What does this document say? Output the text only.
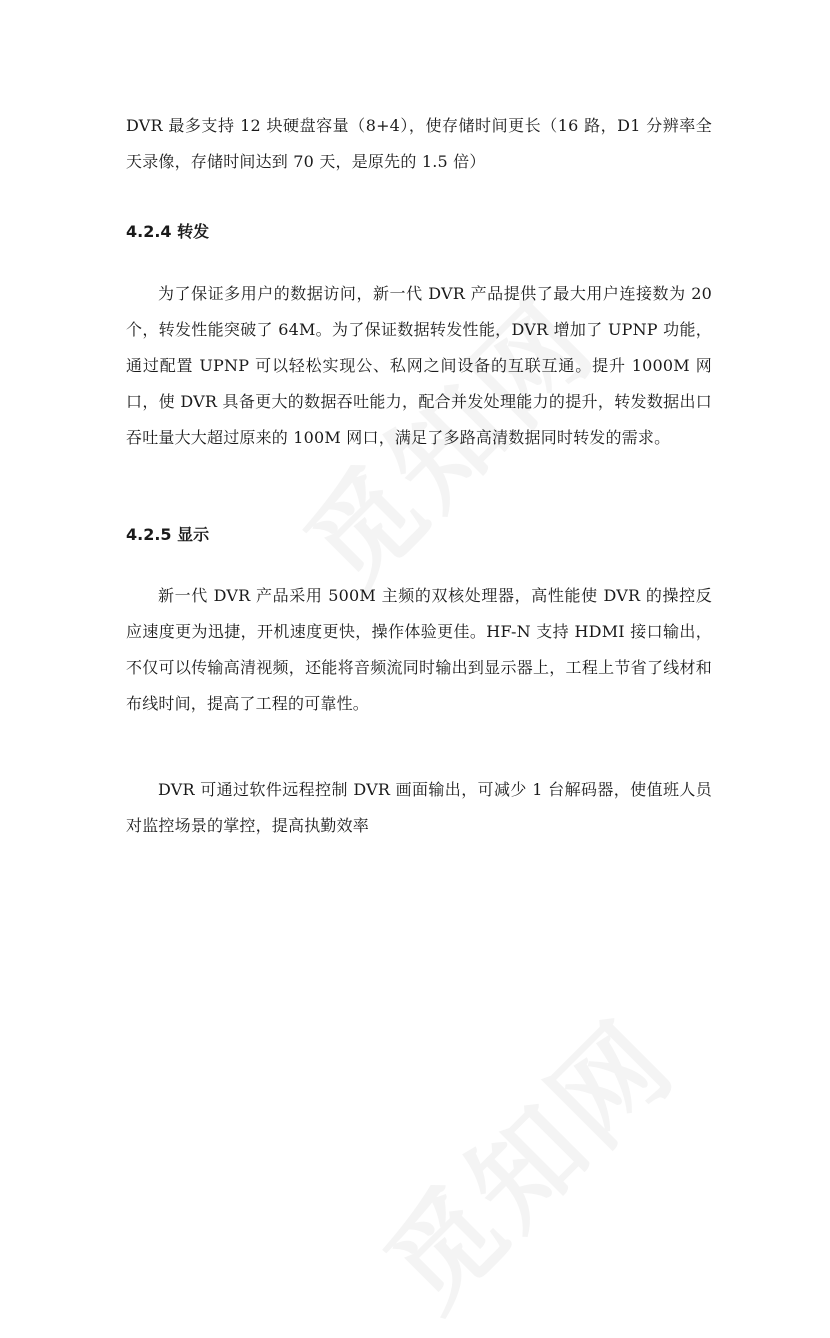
DVR 最多支持 12 块硬盘容量（8+4），使存储时间更长（16 路，D1 分辨率全天录像，存储时间达到 70 天，是原先的 1.5 倍）

4.2.4 转发

为了保证多用户的数据访问，新一代 DVR 产品提供了最大用户连接数为 20 个，转发性能突破了 64M。为了保证数据转发性能，DVR 增加了 UPNP 功能，通过配置 UPNP 可以轻松实现公、私网之间设备的互联互通。提升 1000M 网口，使 DVR 具备更大的数据吞吐能力，配合并发处理能力的提升，转发数据出口吞吐量大大超过原来的 100M 网口，满足了多路高清数据同时转发的需求。

4.2.5 显示

新一代 DVR 产品采用 500M 主频的双核处理器，高性能使 DVR 的操控反应速度更为迅捷，开机速度更快，操作体验更佳。HF-N 支持 HDMI 接口输出，不仅可以传输高清视频，还能将音频流同时输出到显示器上，工程上节省了线材和布线时间，提高了工程的可靠性。

DVR 可通过软件远程控制 DVR 画面输出，可减少 1 台解码器，使值班人员对监控场景的掌控，提高执勤效率
